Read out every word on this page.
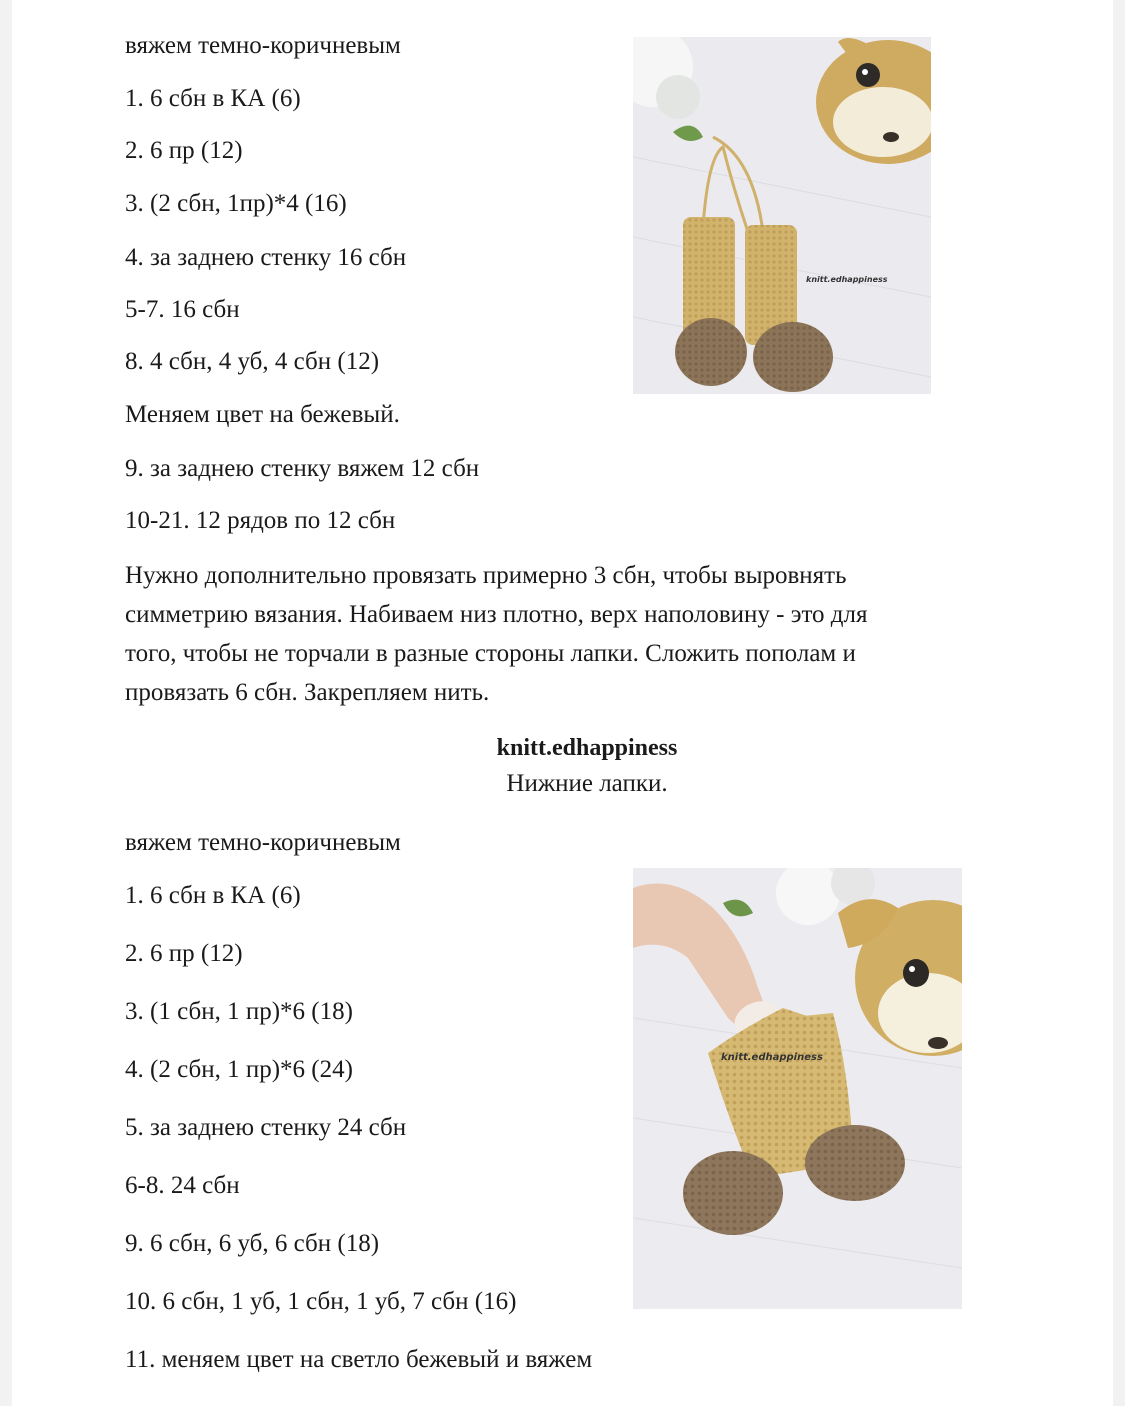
вяжем темно-коричневым
1. 6 сбн в КА (6)
2. 6 пр (12)
3. (2 сбн, 1пр)*4 (16)
4. за заднею стенку 16 сбн
5-7. 16 сбн
8. 4 сбн, 4 уб, 4 сбн (12)
Меняем цвет на бежевый.
9. за заднею стенку вяжем 12 сбн
10-21. 12 рядов по 12 сбн
Нужно дополнительно провязать примерно 3 сбн, чтобы выровнять
симметрию вязания. Набиваем низ плотно, верх наполовину - это для
того, чтобы не торчали в разные стороны лапки. Сложить пополам и
провязать 6 сбн. Закрепляем нить.
knitt.edhappiness
knitt.edhappiness
Нижние лапки.
вяжем темно-коричневым
1. 6 сбн в КА (6)
2. 6 пр (12)
3. (1 сбн, 1 пр)*6 (18)
4. (2 сбн, 1 пр)*6 (24)
5. за заднею стенку 24 сбн
6-8. 24 сбн
9. 6 сбн, 6 уб, 6 сбн (18)
10. 6 сбн, 1 уб, 1 сбн, 1 уб, 7 сбн (16)
11. меняем цвет на светло бежевый и вяжем
knitt.edhappiness
